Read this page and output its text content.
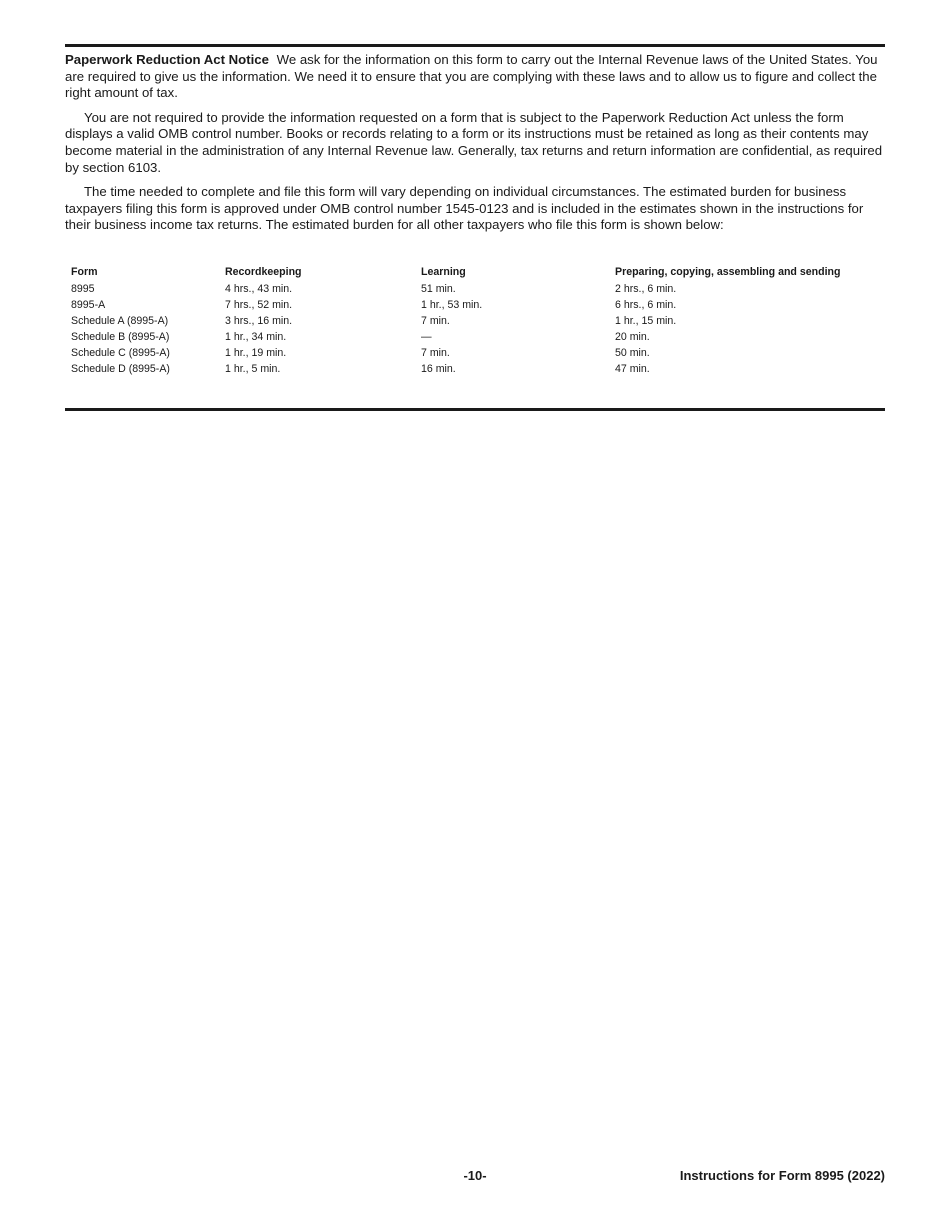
Paperwork Reduction Act Notice We ask for the information on this form to carry out the Internal Revenue laws of the United States. You are required to give us the information. We need it to ensure that you are complying with these laws and to allow us to figure and collect the right amount of tax.

You are not required to provide the information requested on a form that is subject to the Paperwork Reduction Act unless the form displays a valid OMB control number. Books or records relating to a form or its instructions must be retained as long as their contents may become material in the administration of any Internal Revenue law. Generally, tax returns and return information are confidential, as required by section 6103.

The time needed to complete and file this form will vary depending on individual circumstances. The estimated burden for business taxpayers filing this form is approved under OMB control number 1545-0123 and is included in the estimates shown in the instructions for their business income tax returns. The estimated burden for all other taxpayers who file this form is shown below:

Form	Recordkeeping	Learning	Preparing, copying, assembling and sending
8995	4 hrs., 43 min.	51 min.	2 hrs., 6 min.
8995-A	7 hrs., 52 min.	1 hr., 53 min.	6 hrs., 6 min.
Schedule A (8995-A)	3 hrs., 16 min.	7 min.	1 hr., 15 min.
Schedule B (8995-A)	1 hr., 34 min.	—	20 min.
Schedule C (8995-A)	1 hr., 19 min.	7 min.	50 min.
Schedule D (8995-A)	1 hr., 5 min.	16 min.	47 min.
-10-	Instructions for Form 8995 (2022)
